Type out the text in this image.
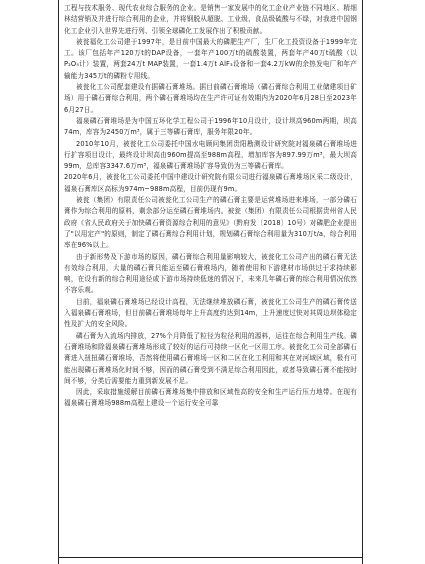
工程与技术服务、现代农业综合服务的企业。是销售一家发展中的化工企业产业链不同地区、精细林结营销及并进行综合利用的企业，并将钢脱从超脱、工业级、食品级硫酸与不绿，对我进中国钢化工企业引入世界先进行列、引领全球磷化工发展作出了积极贡献。

被瓮福化工公司建于1997年，是目前中国最大的磷肥生产厂，生厂化工投资设备于1999年完工。该厂包括年产120万t的DAP设备，一套年产100万t的硫酸装置，两套年产40万t硫酸（以P₂O₅计）装置，两套24万t MAP装置，一套1.4万t AlF₃设备和一套4.2万kW的余热发电厂和年产输能力345万t的磷粉专用线。

被瓮化工公司配套建设有据磷石膏堆场。据目前磷石膏堆场（磷石膏综合利用工业储建项目矿场）用于磷石膏综合利用，两个磷石膏堆场均在生产许可证有效期内为2020年6月28日至2023年6月27日。

福泉磷石膏堆场是为中国五环化学工程公司于1996年10月设计，设计坝高960m两期，坝高74m，库容为2450万m³，属于三等磷石膏库，服务年限20年。

2010年10月，被瓮化工公司委托中国水电顾问集团贵阳勘测设计研究院对福泉磷石膏堆场进行扩容项目设计，最终设计坝高由960m提高至988m高程，增加库容为897.99万m³，最大坝高99m，总库容3347.6万m³，福泉磷石膏堆场扩容导致仍为三等磷石膏库。

2020年6月，被瓮化工公司委托中国中建设计研究院有限公司进行福泉磷石膏堆场区采二级设计，福泉石膏库区高标为974m~988m高程，目前仍现有9m。

被瓮（集团）有限责任公司被瓮化工公司生产的磷石膏主要是运营堆场进来堆场，一部分磷石膏作为综合利用的原料，剩余部分运至磷石膏堆场内。被瓮（集团）有限责任公司根据贵州省人民政府《省人民政府关于加快磷石膏资源综合利用的意见》（黔府发〔2018〕10号）对磷肥企业提出了"以用定产"的原则，制定了磷石膏综合利用计划，规划磷石膏综合利用量为310万t/a，综合利用率在96%以上。

由于新形势及下游市场的原因，磷石膏综合利用量影响较大，被瓮化工公司产出的磷石膏无法有效综合利用，大量的磷石膏只能运至磷石膏堆场内，随着使用和下游建材市场供过于求持续影响，在设有新的综合利用途径或下游市场持续低迷的情况下，未来几年磷石膏的综合利用情况依然不容乐观。

目前，福泉磷石膏堆场已经设计高程，无法继续堆放磷石膏，被瓮化工公司生产的磷石膏传送入福泉磷石膏堆场，但目前磷石膏堆场每年上升高度约达到14m，上升速度过快对其周边坝体稳定性及扩大的安全风险。

磷石膏为入流场内排放，27%个月降低了粒径为粒径利用的源料，运往在综合利用生产线。磷石膏堆场和除福泉磷石膏堆场形成了较好的运行可持续一区化一区用工序。被瓮化工公司全部磷石膏进入扭扭磷石膏堆场，否然将使用磷石膏堆场一区和二区在化工利用和其在对河域区域，极有可能出现磷石膏堆场化时间不够，因而的磷石膏受到不满足综合利用因此，或者导致磷石膏不能按时间不够，分类后需要能力重到新发展不足。

因此，采取措施缓解目前磷石膏堆场集中排放和区域性高的安全和生产运行压力地带。在现有福泉磷石膏堆场988m高程上建设一个运行安全可靠
